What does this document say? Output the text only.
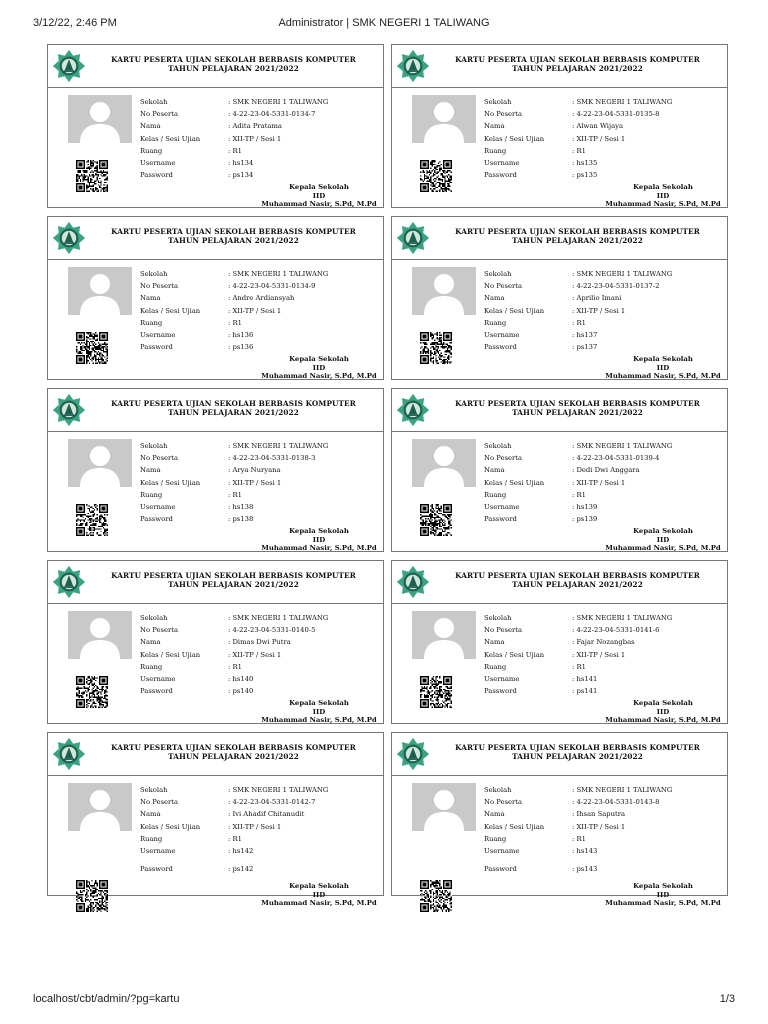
3/12/22, 2:46 PM	Administrator | SMK NEGERI 1 TALIWANG
KARTU PESERTA UJIAN SEKOLAH BERBASIS KOMPUTER
TAHUN PELAJARAN 2021/2022
Sekolah	: SMK NEGERI 1 TALIWANG
No Peserta	: 4-22-23-04-5331-0134-7
Nama	: Adita Pratama
Kelas / Sesi Ujian	: XII-TP / Sesi 1
Ruang	: R1
Username	: hs134
Password	: ps134
Kepala Sekolah
IID
Muhammad Nasir, S.Pd, M.Pd
KARTU PESERTA UJIAN SEKOLAH BERBASIS KOMPUTER
TAHUN PELAJARAN 2021/2022
Sekolah	: SMK NEGERI 1 TALIWANG
No Peserta	: 4-22-23-04-5331-0135-8
Nama	: Alwan Wijaya
Kelas / Sesi Ujian	: XII-TP / Sesi 1
Ruang	: R1
Username	: hs135
Password	: ps135
Kepala Sekolah
IID
Muhammad Nasir, S.Pd, M.Pd
KARTU PESERTA UJIAN SEKOLAH BERBASIS KOMPUTER
TAHUN PELAJARAN 2021/2022
Sekolah	: SMK NEGERI 1 TALIWANG
No Peserta	: 4-22-23-04-5331-0134-9
Nama	: Andre Ardiansyah
Kelas / Sesi Ujian	: XII-TP / Sesi 1
Ruang	: R1
Username	: hs136
Password	: ps136
Kepala Sekolah
IID
Muhammad Nasir, S.Pd, M.Pd
KARTU PESERTA UJIAN SEKOLAH BERBASIS KOMPUTER
TAHUN PELAJARAN 2021/2022
Sekolah	: SMK NEGERI 1 TALIWANG
No Peserta	: 4-22-23-04-5331-0137-2
Nama	: Aprilio Imani
Kelas / Sesi Ujian	: XII-TP / Sesi 1
Ruang	: R1
Username	: hs137
Password	: ps137
Kepala Sekolah
IID
Muhammad Nasir, S.Pd, M.Pd
KARTU PESERTA UJIAN SEKOLAH BERBASIS KOMPUTER
TAHUN PELAJARAN 2021/2022
Sekolah	: SMK NEGERI 1 TALIWANG
No Peserta	: 4-22-23-04-5331-0138-3
Nama	: Arya Nuryana
Kelas / Sesi Ujian	: XII-TP / Sesi 1
Ruang	: R1
Username	: hs138
Password	: ps138
Kepala Sekolah
IID
Muhammad Nasir, S.Pd, M.Pd
KARTU PESERTA UJIAN SEKOLAH BERBASIS KOMPUTER
TAHUN PELAJARAN 2021/2022
Sekolah	: SMK NEGERI 1 TALIWANG
No Peserta	: 4-22-23-04-5331-0139-4
Nama	: Dedi Dwi Anggara
Kelas / Sesi Ujian	: XII-TP / Sesi 1
Ruang	: R1
Username	: hs139
Password	: ps139
Kepala Sekolah
IID
Muhammad Nasir, S.Pd, M.Pd
KARTU PESERTA UJIAN SEKOLAH BERBASIS KOMPUTER
TAHUN PELAJARAN 2021/2022
Sekolah	: SMK NEGERI 1 TALIWANG
No Peserta	: 4-22-23-04-5331-0140-5
Nama	: Dimas Dwi Putra
Kelas / Sesi Ujian	: XII-TP / Sesi 1
Ruang	: R1
Username	: hs140
Password	: ps140
Kepala Sekolah
IID
Muhammad Nasir, S.Pd, M.Pd
KARTU PESERTA UJIAN SEKOLAH BERBASIS KOMPUTER
TAHUN PELAJARAN 2021/2022
Sekolah	: SMK NEGERI 1 TALIWANG
No Peserta	: 4-22-23-04-5331-0141-6
Nama	: Fajar Nozangbas
Kelas / Sesi Ujian	: XII-TP / Sesi 1
Ruang	: R1
Username	: hs141
Password	: ps141
Kepala Sekolah
IID
Muhammad Nasir, S.Pd, M.Pd
KARTU PESERTA UJIAN SEKOLAH BERBASIS KOMPUTER
TAHUN PELAJARAN 2021/2022
Sekolah	: SMK NEGERI 1 TALIWANG
No Peserta	: 4-22-23-04-5331-0142-7
Nama	: Ivi Ahadif Chitanudit
Kelas / Sesi Ujian	: XII-TP / Sesi 1
Ruang	: R1
Username	: hs142
Password	: ps142
Kepala Sekolah
IID
Muhammad Nasir, S.Pd, M.Pd
KARTU PESERTA UJIAN SEKOLAH BERBASIS KOMPUTER
TAHUN PELAJARAN 2021/2022
Sekolah	: SMK NEGERI 1 TALIWANG
No Peserta	: 4-22-23-04-5331-0143-8
Nama	: Ihsan Saputra
Kelas / Sesi Ujian	: XII-TP / Sesi 1
Ruang	: R1
Username	: hs143
Password	: ps143
Kepala Sekolah
IID
Muhammad Nasir, S.Pd, M.Pd
localhost/cbt/admin/?pg=kartu	1/3
